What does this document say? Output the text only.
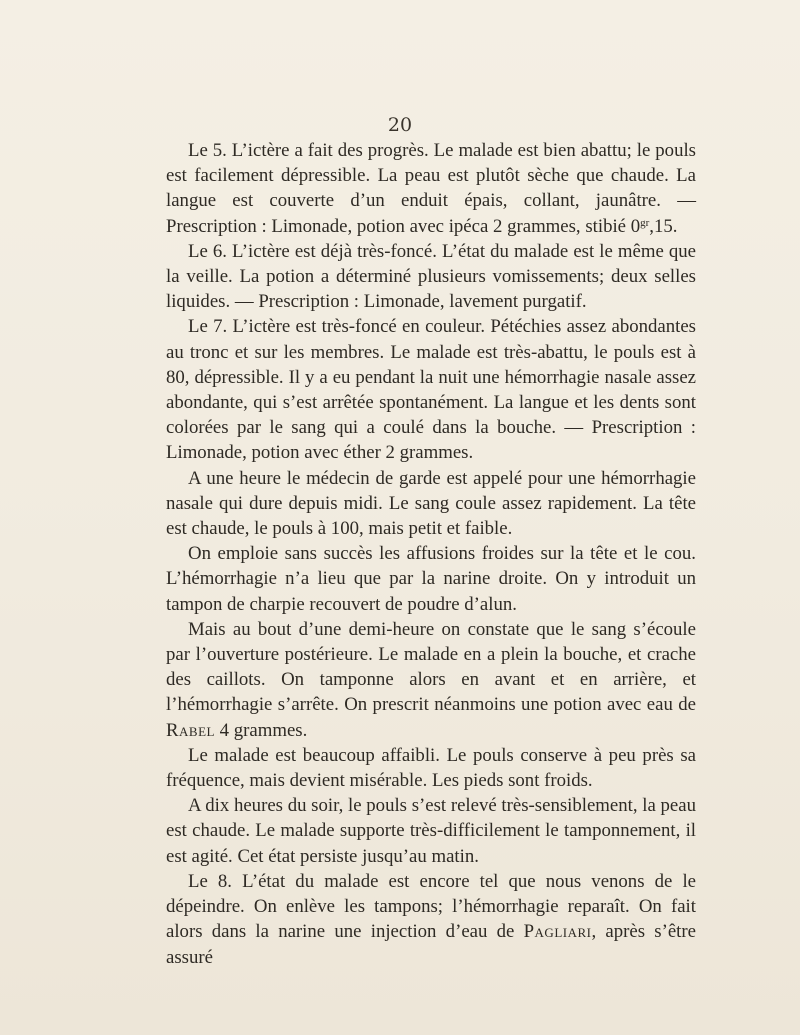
20

Le 5. L’ictère a fait des progrès. Le malade est bien abattu; le pouls est facilement dépressible. La peau est plutôt sèche que chaude. La langue est couverte d’un enduit épais, collant, jaunâtre. — Prescription : Limonade, potion avec ipéca 2 grammes, stibié $0^{gr},15$.

Le 6. L’ictère est déjà très-foncé. L’état du malade est le même que la veille. La potion a déterminé plusieurs vomissements; deux selles liquides. — Prescription : Limonade, lavement purgatif.

Le 7. L’ictère est très-foncé en couleur. Pétéchies assez abondantes au tronc et sur les membres. Le malade est très-abattu, le pouls est à 80, dépressible. Il y a eu pendant la nuit une hémorrhagie nasale assez abondante, qui s’est arrêtée spontanément. La langue et les dents sont colorées par le sang qui a coulé dans la bouche. — Prescription : Limonade, potion avec éther 2 grammes.

A une heure le médecin de garde est appelé pour une hémorrhagie nasale qui dure depuis midi. Le sang coule assez rapidement. La tête est chaude, le pouls à 100, mais petit et faible.

On emploie sans succès les affusions froides sur la tête et le cou. L’hémorrhagie n’a lieu que par la narine droite. On y introduit un tampon de charpie recouvert de poudre d’alun.

Mais au bout d’une demi-heure on constate que le sang s’écoule par l’ouverture postérieure. Le malade en a plein la bouche, et crache des caillots. On tamponne alors en avant et en arrière, et l’hémorrhagie s’arrête. On prescrit néanmoins une potion avec eau de Rabel 4 grammes.

Le malade est beaucoup affaibli. Le pouls conserve à peu près sa fréquence, mais devient misérable. Les pieds sont froids.

A dix heures du soir, le pouls s’est relevé très-sensiblement, la peau est chaude. Le malade supporte très-difficilement le tamponnement, il est agité. Cet état persiste jusqu’au matin.

Le 8. L’état du malade est encore tel que nous venons de le dépeindre. On enlève les tampons; l’hémorrhagie reparaît. On fait alors dans la narine une injection d’eau de Pagliari, après s’être assuré
